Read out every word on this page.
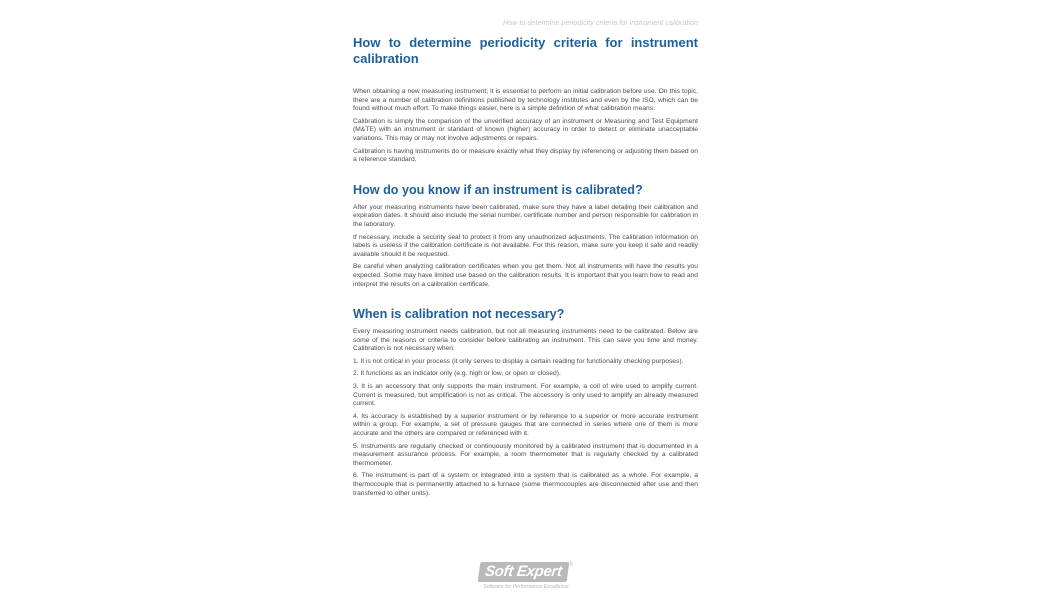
How to determine periodicity criteria for instrument calibration
How to determine periodicity criteria for instrument calibration

When obtaining a new measuring instrument, it is essential to perform an initial calibration before use. On this topic, there are a number of calibration definitions published by technology institutes and even by the ISO, which can be found without much effort. To make things easier, here is a simple definition of what calibration means:

Calibration is simply the comparison of the unverified accuracy of an instrument or Measuring and Test Equipment (M&TE) with an instrument or standard of known (higher) accuracy in order to detect or eliminate unacceptable variations. This may or may not involve adjustments or repairs.

Calibration is having instruments do or measure exactly what they display by referencing or adjusting them based on a reference standard.

How do you know if an instrument is calibrated?

After your measuring instruments have been calibrated, make sure they have a label detailing their calibration and expiration dates. It should also include the serial number, certificate number and person responsible for calibration in the laboratory.

If necessary, include a security seal to protect it from any unauthorized adjustments. The calibration information on labels is useless if the calibration certificate is not available. For this reason, make sure you keep it safe and readily available should it be requested.

Be careful when analyzing calibration certificates when you get them. Not all instruments will have the results you expected. Some may have limited use based on the calibration results. It is important that you learn how to read and interpret the results on a calibration certificate.

When is calibration not necessary?

Every measuring instrument needs calibration, but not all measuring instruments need to be calibrated. Below are some of the reasons or criteria to consider before calibrating an instrument. This can save you time and money. Calibration is not necessary when:

1. It is not critical in your process (it only serves to display a certain reading for functionality checking purposes).

2. It functions as an indicator only (e.g. high or low, or open or closed).

3. It is an accessory that only supports the main instrument. For example, a coil of wire used to amplify current. Current is measured, but amplification is not as critical. The accessory is only used to amplify an already measured current.

4. Its accuracy is established by a superior instrument or by reference to a superior or more accurate instrument within a group. For example, a set of pressure gauges that are connected in series where one of them is more accurate and the others are compared or referenced with it.

5. Instruments are regularly checked or continuously monitored by a calibrated instrument that is documented in a measurement assurance process. For example, a room thermometer that is regularly checked by a calibrated thermometer.

6. The instrument is part of a system or integrated into a system that is calibrated as a whole. For example, a thermocouple that is permanently attached to a furnace (some thermocouples are disconnected after use and then transferred to other units).

Soft Expert ®
Software for Performance Excellence
